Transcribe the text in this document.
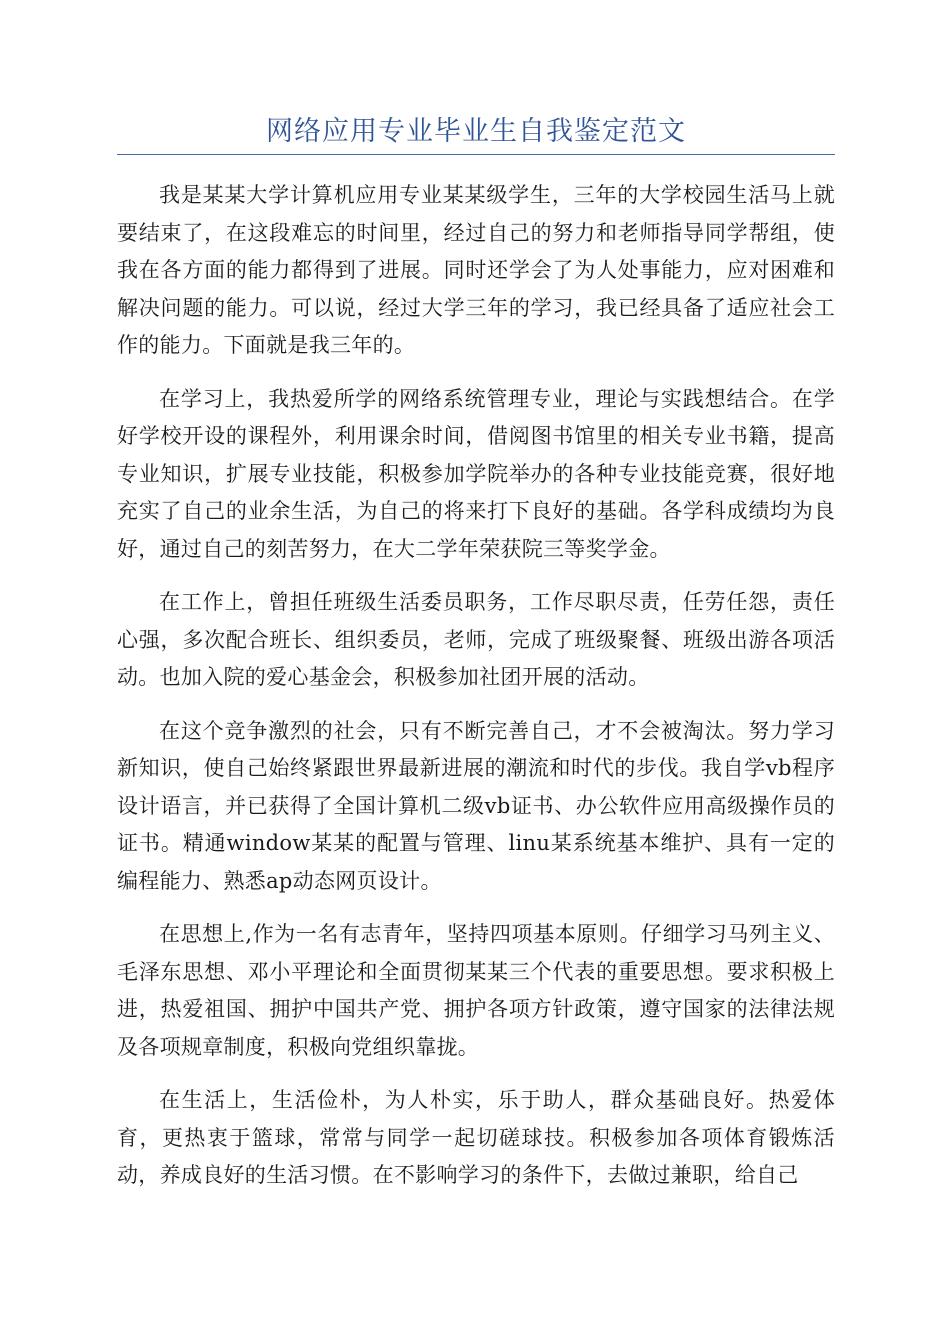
网络应用专业毕业生自我鉴定范文

我是某某大学计算机应用专业某某级学生，三年的大学校园生活马上就要结束了，在这段难忘的时间里，经过自己的努力和老师指导同学帮组，使我在各方面的能力都得到了进展。同时还学会了为人处事能力，应对困难和解决问题的能力。可以说，经过大学三年的学习，我已经具备了适应社会工作的能力。下面就是我三年的。

在学习上，我热爱所学的网络系统管理专业，理论与实践想结合。在学好学校开设的课程外，利用课余时间，借阅图书馆里的相关专业书籍，提高专业知识，扩展专业技能，积极参加学院举办的各种专业技能竞赛，很好地充实了自己的业余生活，为自己的将来打下良好的基础。各学科成绩均为良好，通过自己的刻苦努力，在大二学年荣获院三等奖学金。

在工作上，曾担任班级生活委员职务，工作尽职尽责，任劳任怨，责任心强，多次配合班长、组织委员，老师，完成了班级聚餐、班级出游各项活动。也加入院的爱心基金会，积极参加社团开展的活动。

在这个竞争激烈的社会，只有不断完善自己，才不会被淘汰。努力学习新知识，使自己始终紧跟世界最新进展的潮流和时代的步伐。我自学vb程序设计语言，并已获得了全国计算机二级vb证书、办公软件应用高级操作员的证书。精通window某某的配置与管理、linu某系统基本维护、具有一定的编程能力、熟悉ap动态网页设计。

在思想上,作为一名有志青年，坚持四项基本原则。仔细学习马列主义、毛泽东思想、邓小平理论和全面贯彻某某三个代表的重要思想。要求积极上进，热爱祖国、拥护中国共产党、拥护各项方针政策，遵守国家的法律法规及各项规章制度，积极向党组织靠拢。

在生活上，生活俭朴，为人朴实，乐于助人，群众基础良好。热爱体育，更热衷于篮球，常常与同学一起切磋球技。积极参加各项体育锻炼活动，养成良好的生活习惯。在不影响学习的条件下，去做过兼职，给自己
